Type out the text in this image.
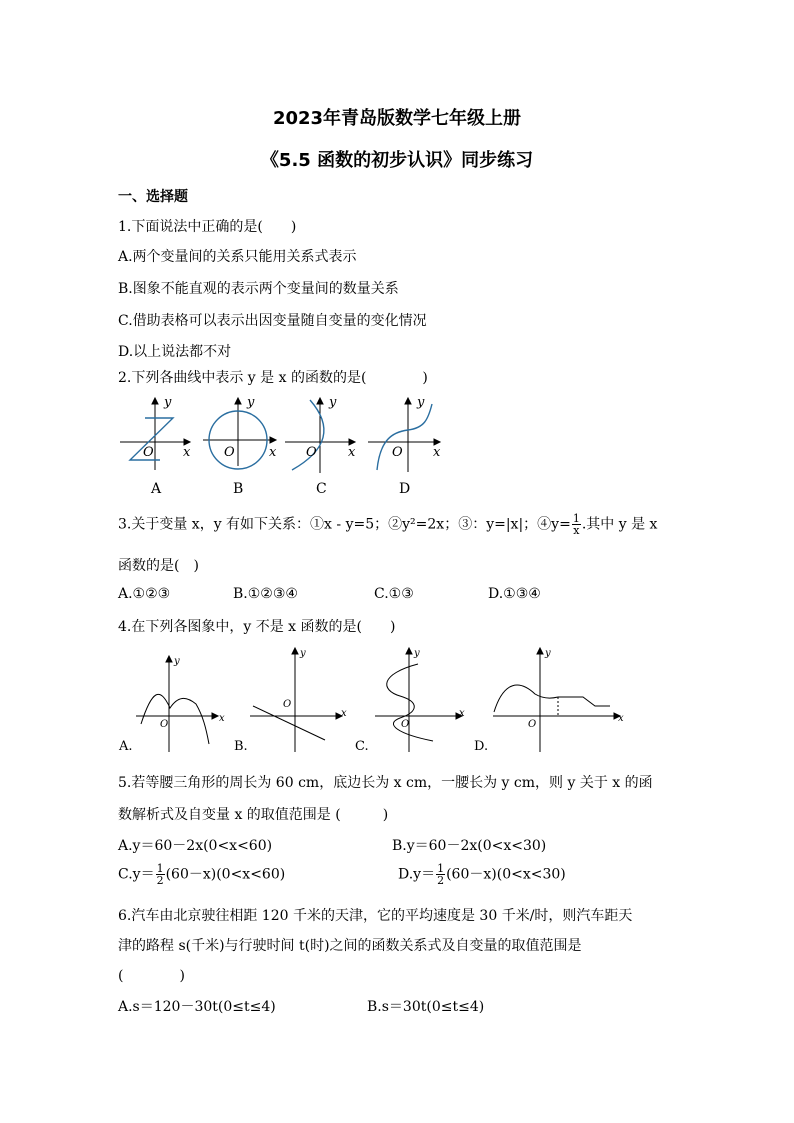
2023年青岛版数学七年级上册
《5.5 函数的初步认识》同步练习
一、选择题
1.下面说法中正确的是(　　)
A.两个变量间的关系只能用关系式表示
B.图象不能直观的表示两个变量间的数量关系
C.借助表格可以表示出因变量随自变量的变化情况
D.以上说法都不对
2.下列各曲线中表示 y 是 x 的函数的是(　　　　)
y
x
O
y
x
O
y
x
O
y
x
O
A	B	C	D
3.关于变量 x，y 有如下关系：①x - y=5；②y²=2x；③：y=|x|；④y= $\frac{1}{x}$ .其中 y 是 x
函数的是(　)
A.①②③	B.①②③④	C.①③	D.①③④
4.在下列各图象中，y 不是 x 函数的是(　　)
y
x
O
y
x
O
y
x
O
y
x
O
A.	B.	C.	D.
5.若等腰三角形的周长为 60 cm，底边长为 x cm，一腰长为 y cm，则 y 关于 x 的函
数解析式及自变量 x 的取值范围是 (　　　)
A.y＝60－2x(0<x<60)	B.y＝60－2x(0<x<30)
$C.y= \frac{1}{2} (60-x)(0<x<60)$	$D.y= \frac{1}{2} (60-x)(0<x<30)$
6.汽车由北京驶往相距 120 千米的天津，它的平均速度是 30 千米/时，则汽车距天
津的路程 s(千米)与行驶时间 t(时)之间的函数关系式及自变量的取值范围是
(　　　　)
A.s＝120－30t(0≤t≤4)	B.s＝30t(0≤t≤4)
